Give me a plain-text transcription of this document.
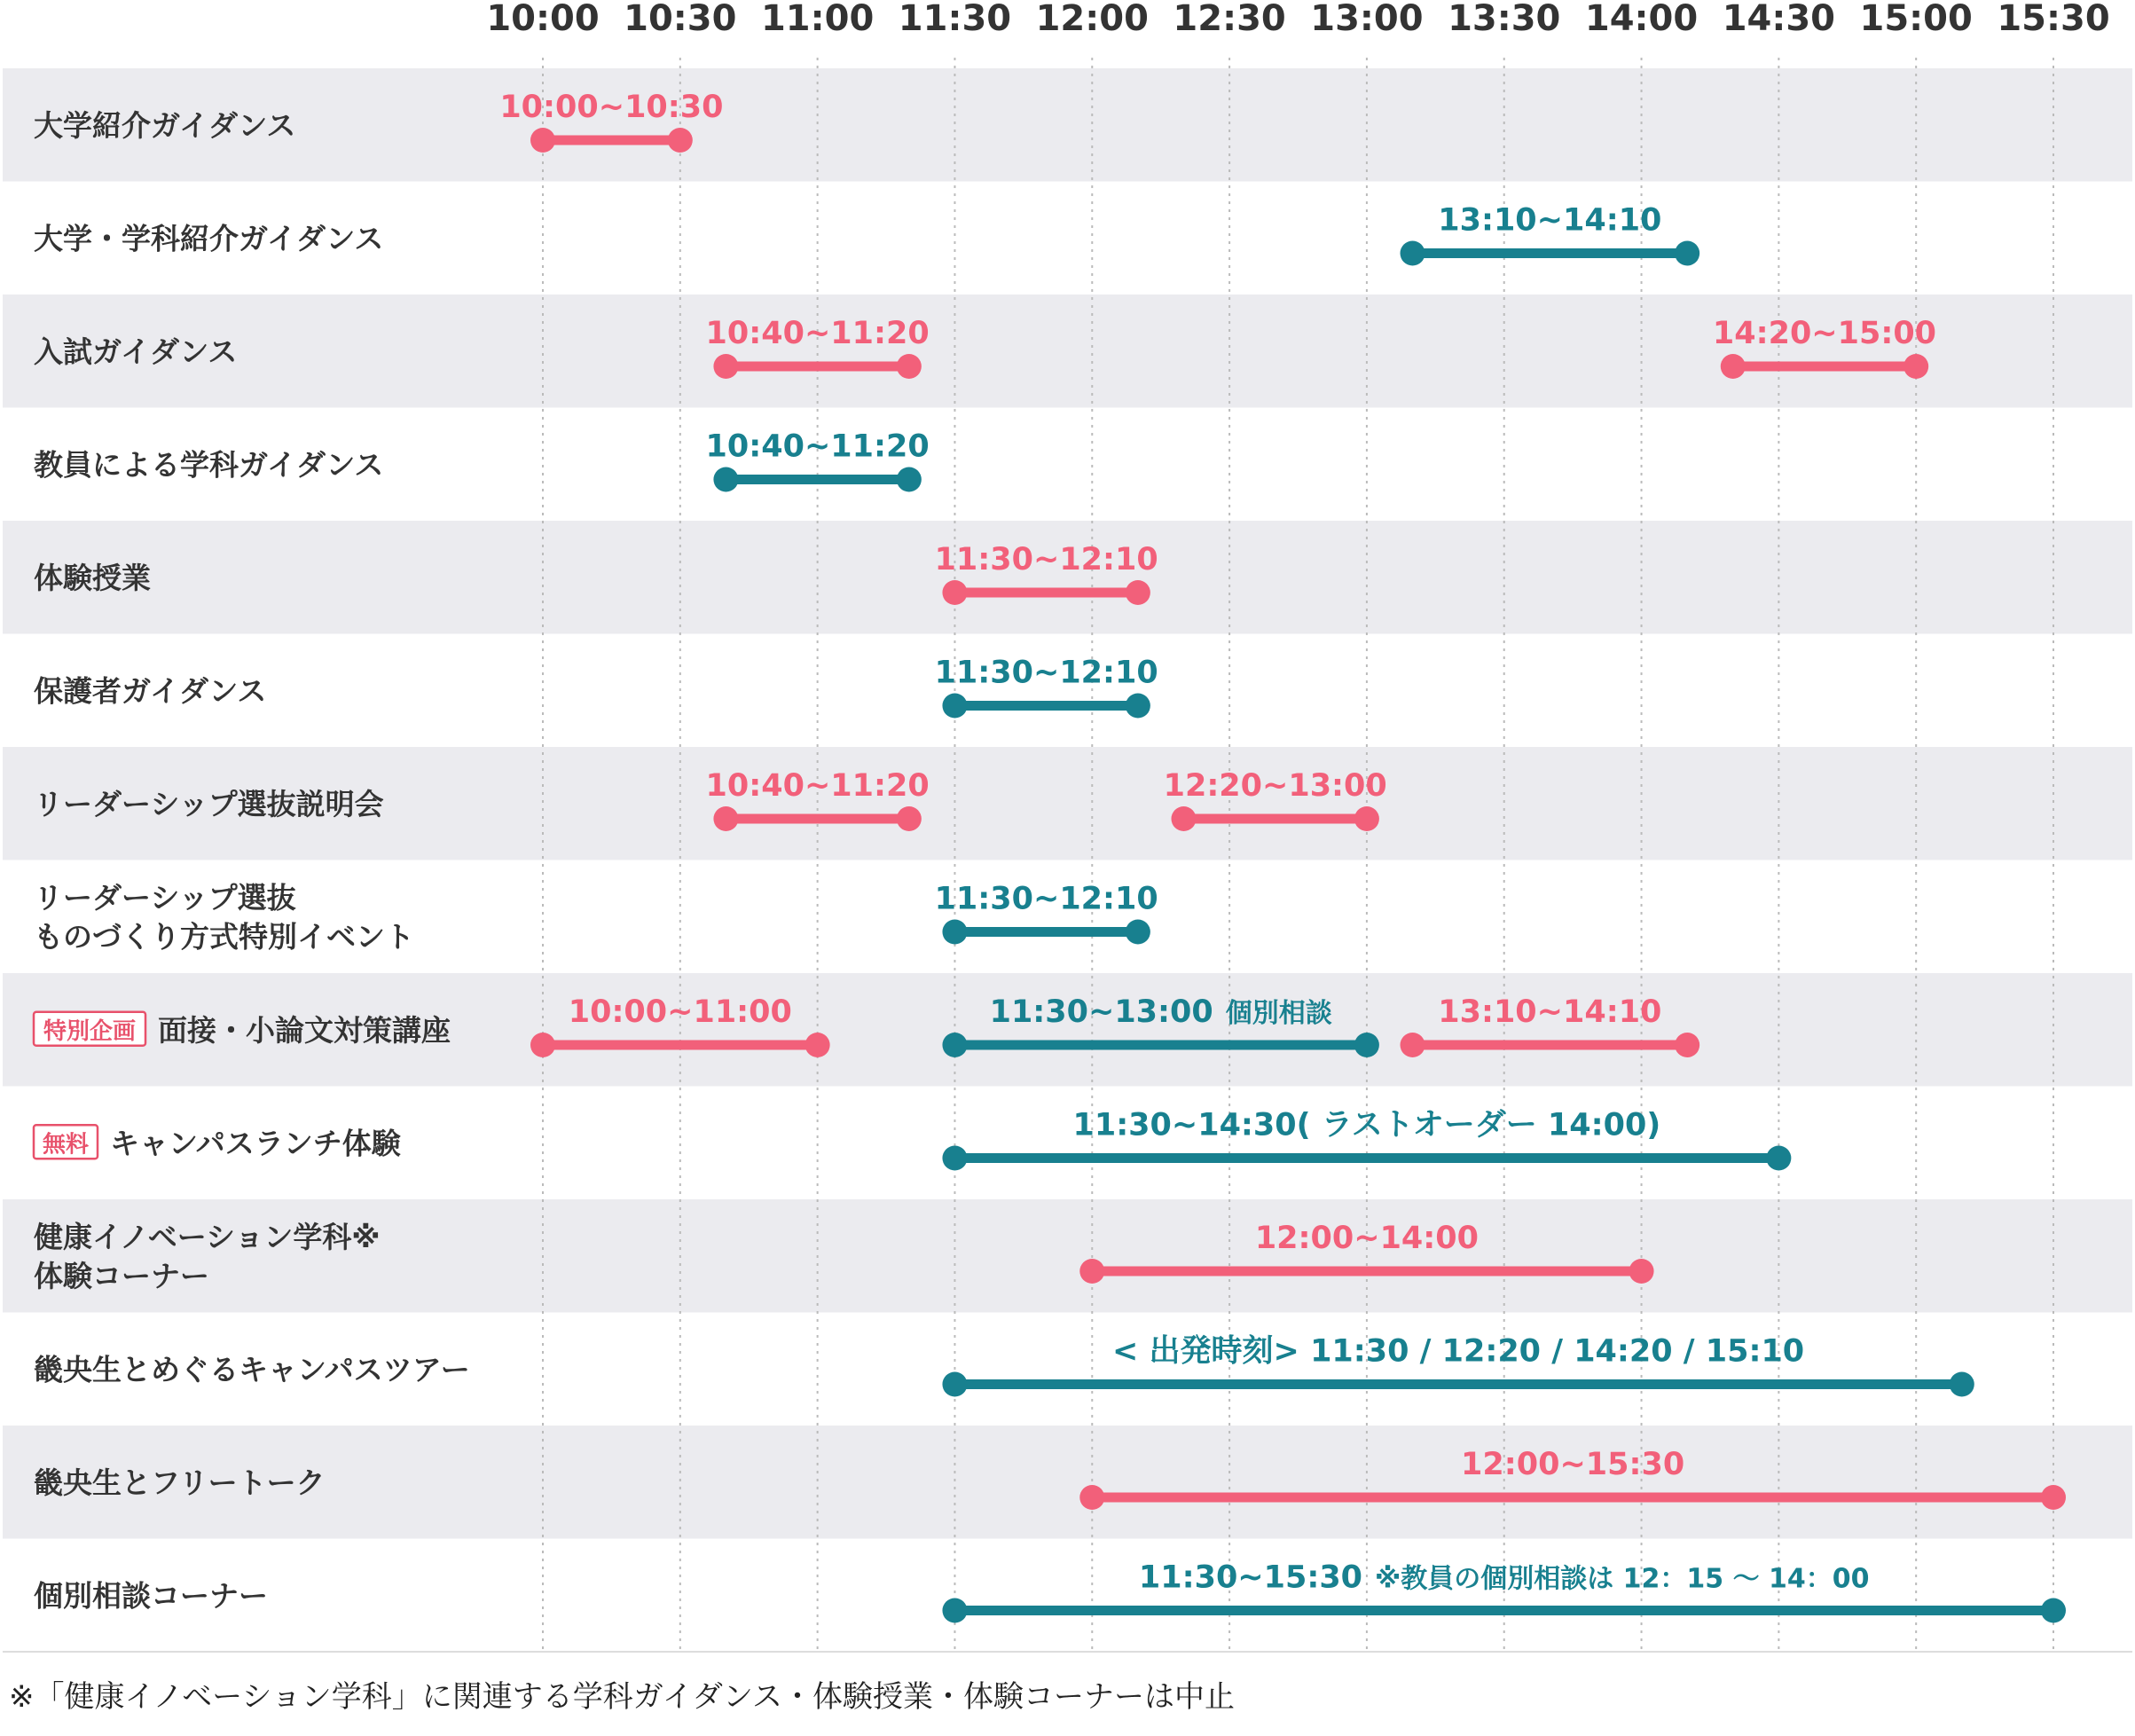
10:00 10:30 11:00 11:30 12:00 12:30 13:00 13:30 14:00 14:30 15:00 15:30
大学紹介ガイダンス
10:00~10:30
大学・学科紹介ガイダンス
13:10~14:10
入試ガイダンス
10:40~11:20	14:20~15:00
教員による学科ガイダンス
10:40~11:20
体験授業
11:30~12:10
保護者ガイダンス
11:30~12:10
リーダーシップ選抜説明会
10:40~11:20	12:20~13:00
リーダーシップ選抜
ものづくり方式特別イベント
11:30~12:10
特別企画 面接・小論文対策講座
10:00~11:00	11:30~13:00 個別相談	13:10~14:10
無料 キャンパスランチ体験
11:30~14:30( ラストオーダー 14:00)
健康イノベーション学科※
体験コーナー
12:00~14:00
畿央生とめぐるキャンパスツアー
< 出発時刻> 11:30 / 12:20 / 14:20 / 15:10
畿央生とフリートーク
12:00~15:30
個別相談コーナー
11:30~15:30 ※教員の個別相談は 12：15 ～ 14：00
※「健康イノベーション学科」に関連する学科ガイダンス・体験授業・体験コーナーは中止
